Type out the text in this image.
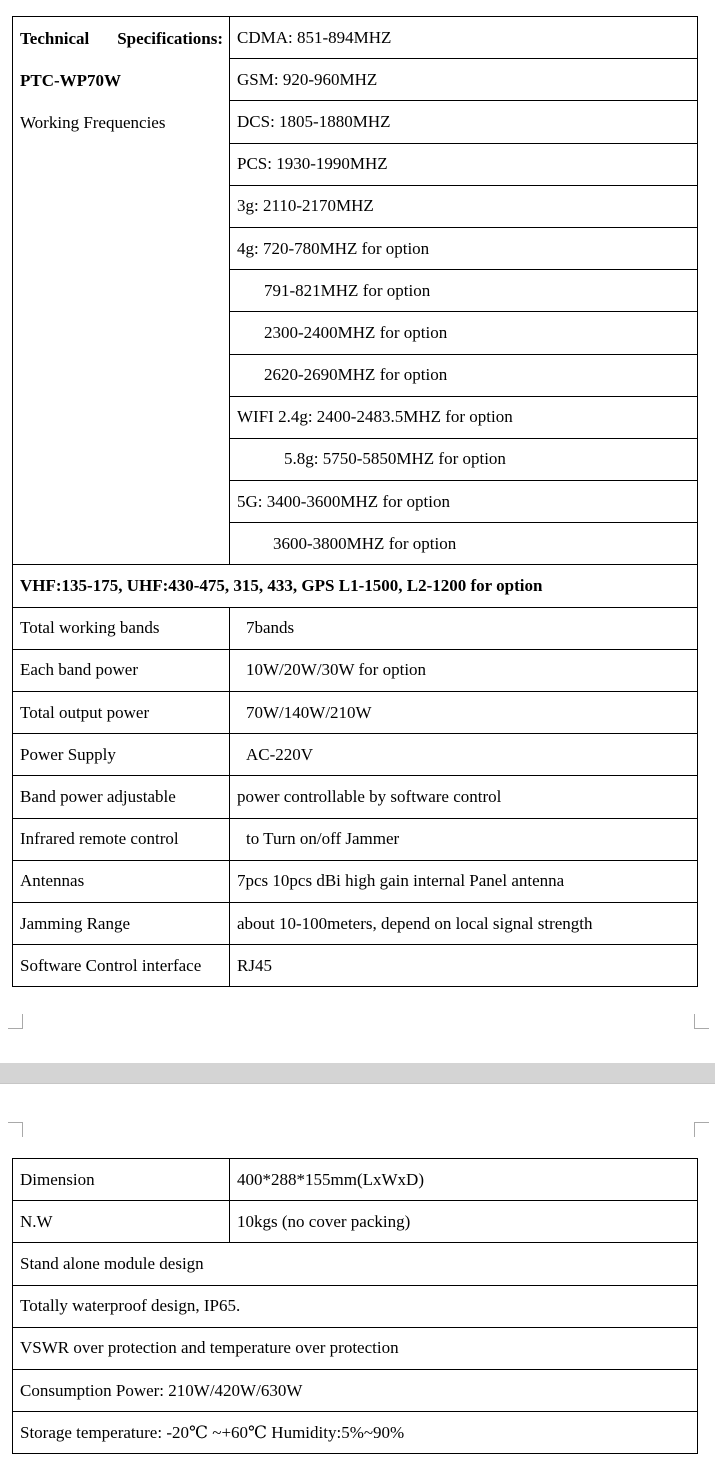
Technical Specifications:
PTC-WP70W
Working Frequencies	CDMA: 851-894MHZ
	GSM: 920-960MHZ
	DCS: 1805-1880MHZ
	PCS: 1930-1990MHZ
	3g: 2110-2170MHZ
	4g: 720-780MHZ for option
	791-821MHZ for option
	2300-2400MHZ for option
	2620-2690MHZ for option
	WIFI 2.4g: 2400-2483.5MHZ for option
	5.8g: 5750-5850MHZ for option
	5G: 3400-3600MHZ for option
	3600-3800MHZ for option
VHF:135-175, UHF:430-475, 315, 433, GPS L1-1500, L2-1200 for option	
Total working bands	7bands
Each band power	10W/20W/30W for option
Total output power	70W/140W/210W
Power Supply	AC-220V
Band power adjustable	power controllable by software control
Infrared remote control	to Turn on/off Jammer
Antennas	7pcs 10pcs dBi high gain internal Panel antenna
Jamming Range	about 10-100meters, depend on local signal strength
Software Control interface	RJ45
Dimension	400*288*155mm(LxWxD)
N.W	10kgs (no cover packing)
Stand alone module design	
Totally waterproof design, IP65.	
VSWR over protection and temperature over protection	
Consumption Power: 210W/420W/630W	
Storage temperature: -20℃ ~+60℃ Humidity:5%~90%	
